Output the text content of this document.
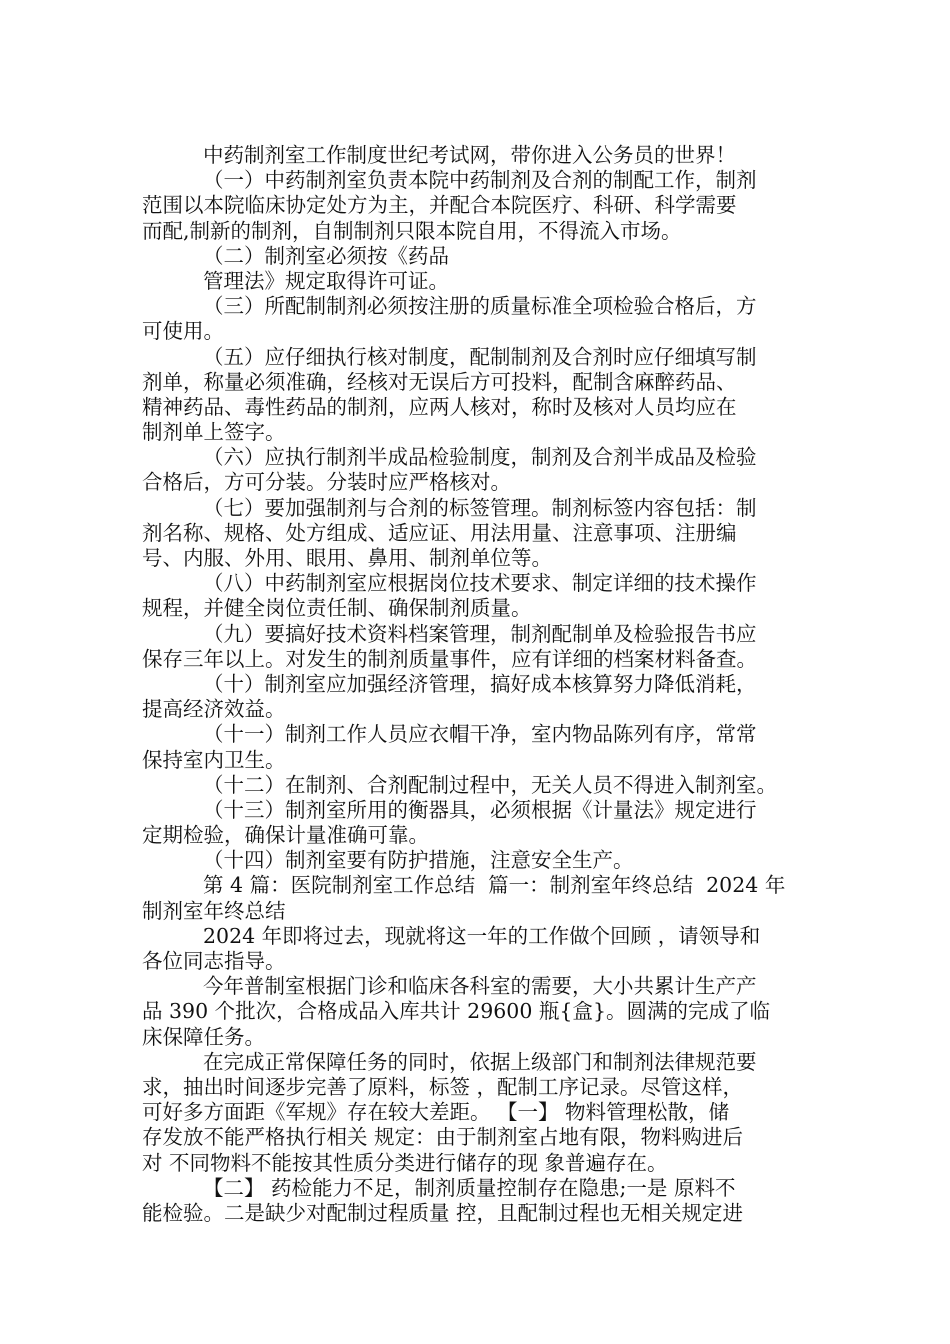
中药制剂室工作制度世纪考试网，带你进入公务员的世界！
（一）中药制剂室负责本院中药制剂及合剂的制配工作，制剂
范围以本院临床协定处方为主，并配合本院医疗、科研、科学需要
而配,制新的制剂，自制制剂只限本院自用，不得流入市场。
（二）制剂室必须按《药品
管理法》规定取得许可证。
（三）所配制制剂必须按注册的质量标准全项检验合格后，方
可使用。
（五）应仔细执行核对制度，配制制剂及合剂时应仔细填写制
剂单，称量必须准确，经核对无误后方可投料，配制含麻醉药品、
精神药品、毒性药品的制剂，应两人核对，称时及核对人员均应在
制剂单上签字。
（六）应执行制剂半成品检验制度，制剂及合剂半成品及检验
合格后，方可分装。分装时应严格核对。
（七）要加强制剂与合剂的标签管理。制剂标签内容包括：制
剂名称、规格、处方组成、适应证、用法用量、注意事项、注册编
号、内服、外用、眼用、鼻用、制剂单位等。
（八）中药制剂室应根据岗位技术要求、制定详细的技术操作
规程，并健全岗位责任制、确保制剂质量。
（九）要搞好技术资料档案管理，制剂配制单及检验报告书应
保存三年以上。对发生的制剂质量事件，应有详细的档案材料备查。
（十）制剂室应加强经济管理，搞好成本核算努力降低消耗，
提高经济效益。
（十一）制剂工作人员应衣帽干净，室内物品陈列有序，常常
保持室内卫生。
（十二）在制剂、合剂配制过程中，无关人员不得进入制剂室。
（十三）制剂室所用的衡器具，必须根据《计量法》规定进行
定期检验，确保计量准确可靠。
（十四）制剂室要有防护措施，注意安全生产。
第 4 篇：医院制剂室工作总结  篇一：制剂室年终总结  2024 年
制剂室年终总结
2024 年即将过去，现就将这一年的工作做个回顾 ，请领导和
各位同志指导。
今年普制室根据门诊和临床各科室的需要，大小共累计生产产
品 390 个批次，合格成品入库共计 29600 瓶{盒}。圆满的完成了临
床保障任务。
在完成正常保障任务的同时，依据上级部门和制剂法律规范要
求，抽出时间逐步完善了原料，标签 ，配制工序记录。尽管这样，
可好多方面距《军规》存在较大差距。 【一】 物料管理松散，储
存发放不能严格执行相关 规定：由于制剂室占地有限，物料购进后
对 不同物料不能按其性质分类进行储存的现 象普遍存在。
【二】 药检能力不足，制剂质量控制存在隐患;一是 原料不
能检验。二是缺少对配制过程质量 控，且配制过程也无相关规定进
